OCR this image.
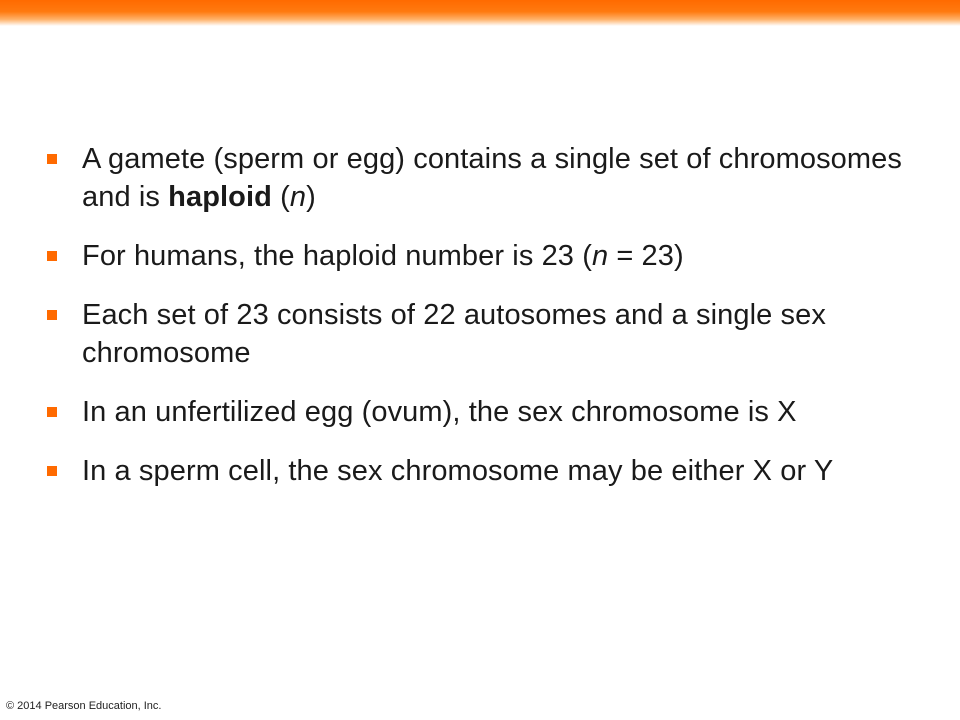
A gamete (sperm or egg) contains a single set of chromosomes and is haploid (n)
For humans, the haploid number is 23 (n = 23)
Each set of 23 consists of 22 autosomes and a single sex chromosome
In an unfertilized egg (ovum), the sex chromosome is X
In a sperm cell, the sex chromosome may be either X or Y
© 2014 Pearson Education, Inc.
